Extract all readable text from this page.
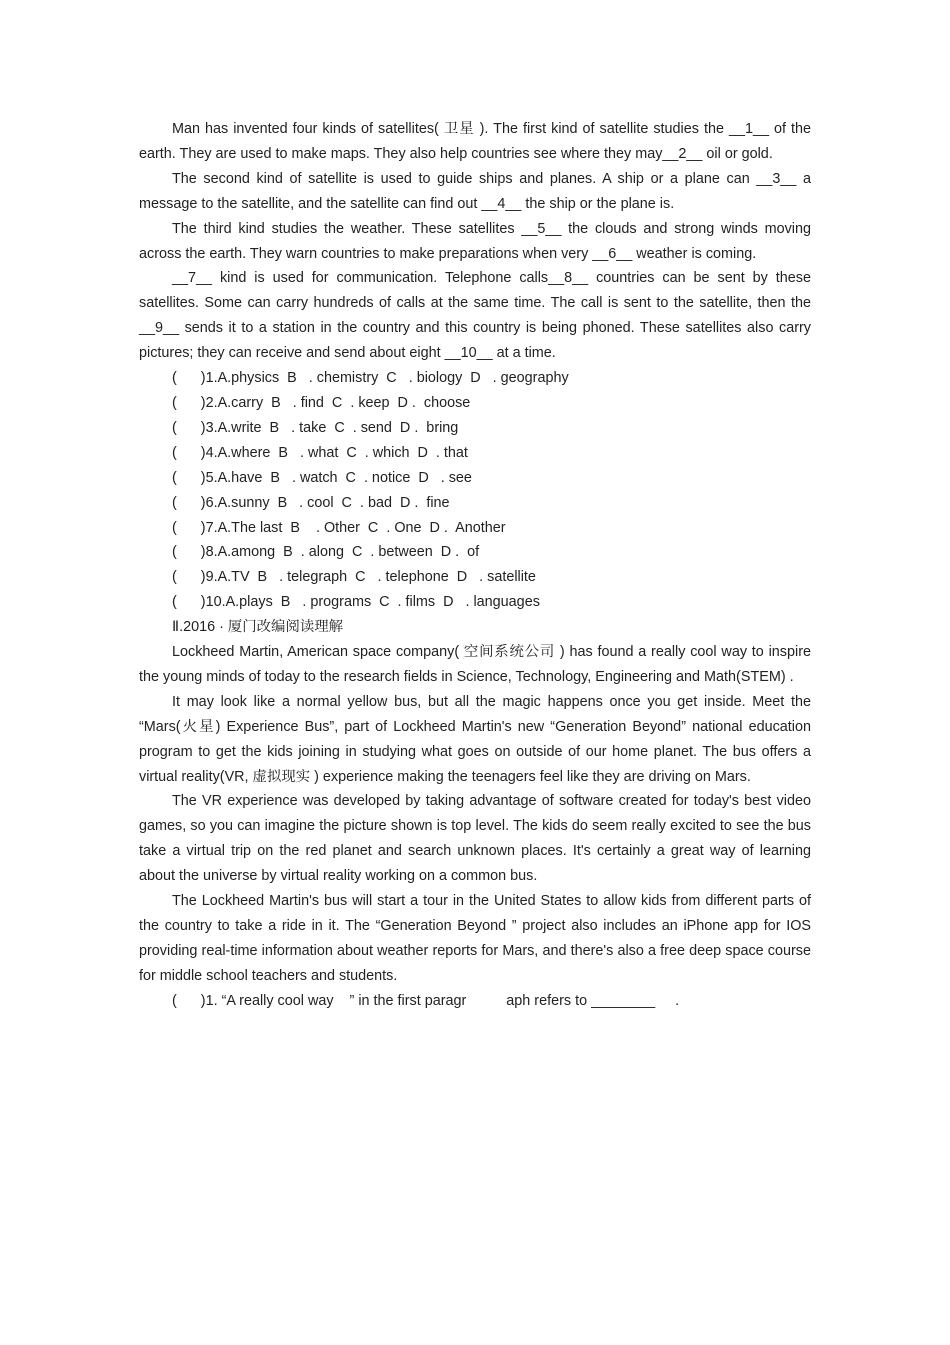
Man has invented four kinds of satellites( 卫星 ). The first kind of satellite studies the __1__ of the earth. They are used to make maps. They also help countries see where they may__2__ oil or gold.

The second kind of satellite is used to guide ships and planes. A ship or a plane can __3__ a message to the satellite, and the satellite can find out __4__ the ship or the plane is.

The third kind studies the weather. These satellites __5__ the clouds and strong winds moving across the earth. They warn countries to make preparations when very __6__ weather is coming.

__7__ kind is used for communication. Telephone calls__8__ countries can be sent by these satellites. Some can carry hundreds of calls at the same time. The call is sent to the satellite, then the __9__ sends it to a station in the country and this country is being phoned. These satellites also carry pictures; they can receive and send about eight __10__ at a time.

(      )1.A.physics  B   . chemistry  C   . biology  D   . geography

(      )2.A.carry  B   . find  C  . keep  D .  choose

(      )3.A.write  B   . take  C  . send  D .  bring

(      )4.A.where  B   . what  C  . which  D  . that

(      )5.A.have  B   . watch  C  . notice  D   . see

(      )6.A.sunny  B   . cool  C  . bad  D .  fine

(      )7.A.The last  B    . Other  C  . One  D .  Another

(      )8.A.among  B  . along  C  . between  D .  of

(      )9.A.TV  B   . telegraph  C   . telephone  D   . satellite

(      )10.A.plays  B   . programs  C  . films  D   . languages

Ⅱ.2016 · 厦门改编阅读理解

Lockheed Martin, American space company( 空间系统公司 ) has found a really cool way to inspire the young minds of today to the research fields in Science, Technology, Engineering and Math(STEM) .

It may look like a normal yellow bus, but all the magic happens once you get inside. Meet the “Mars(火星) Experience Bus”, part of Lockheed Martin's new “Generation Beyond” national education program to get the kids joining in studying what goes on outside of our home planet. The bus offers a virtual reality(VR, 虚拟现实 ) experience making the teenagers feel like they are driving on Mars.

The VR experience was developed by taking advantage of software created for today's best video games, so you can imagine the picture shown is top level. The kids do seem really excited to see the bus take a virtual trip on the red planet and search unknown places. It's certainly a great way of learning about the universe by virtual reality working on a common bus.

The Lockheed Martin's bus will start a tour in the United States to allow kids from different parts of the country to take a ride in it. The “Generation Beyond ” project also includes an iPhone app for IOS providing real-time information about weather reports for Mars, and there's also a free deep space course for middle school teachers and students.

(      )1. “A really cool way    ” in the first paragr          aph refers to ________     .
